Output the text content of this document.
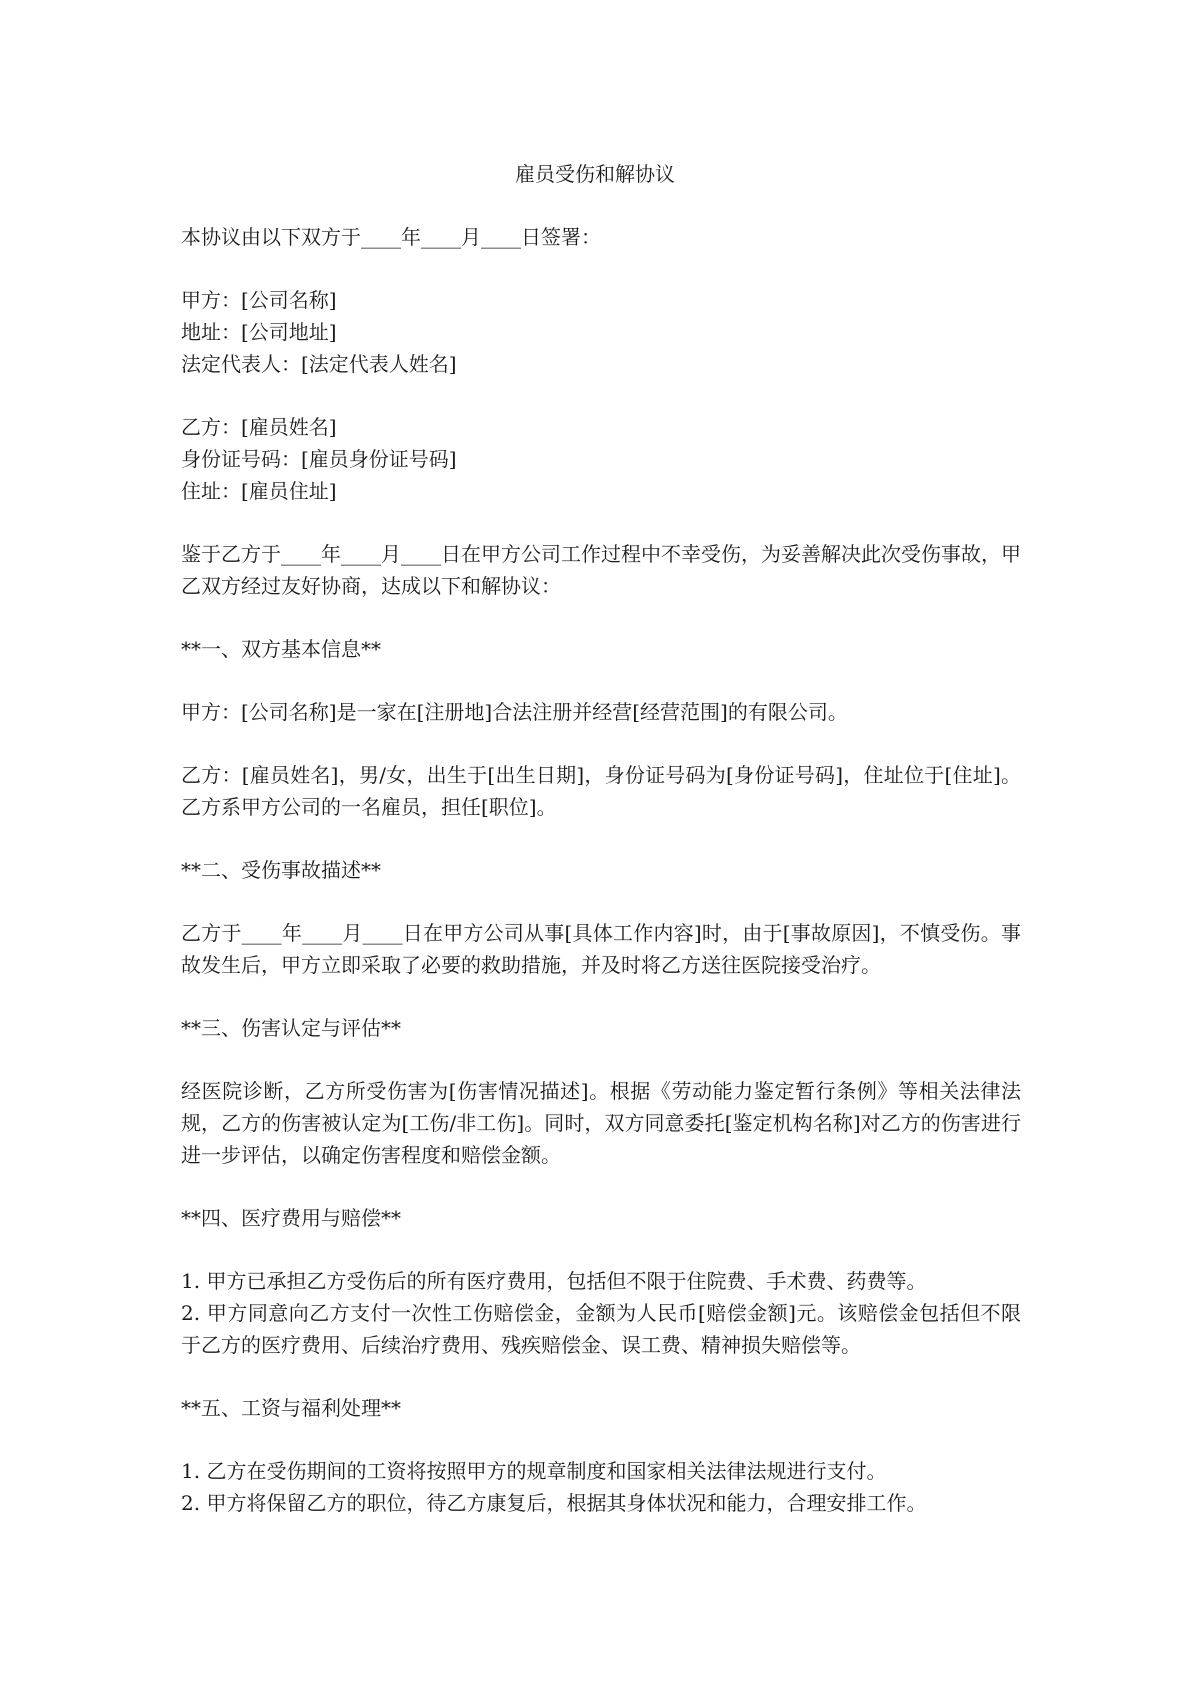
雇员受伤和解协议
本协议由以下双方于____年____月____日签署：
甲方：[公司名称]
地址：[公司地址]
法定代表人：[法定代表人姓名]
乙方：[雇员姓名]
身份证号码：[雇员身份证号码]
住址：[雇员住址]
鉴于乙方于____年____月____日在甲方公司工作过程中不幸受伤，为妥善解决此次受伤事故，甲乙双方经过友好协商，达成以下和解协议：
**一、双方基本信息**
甲方：[公司名称]是一家在[注册地]合法注册并经营[经营范围]的有限公司。
乙方：[雇员姓名]，男/女，出生于[出生日期]，身份证号码为[身份证号码]，住址位于[住址]。乙方系甲方公司的一名雇员，担任[职位]。
**二、受伤事故描述**
乙方于____年____月____日在甲方公司从事[具体工作内容]时，由于[事故原因]，不慎受伤。事故发生后，甲方立即采取了必要的救助措施，并及时将乙方送往医院接受治疗。
**三、伤害认定与评估**
经医院诊断，乙方所受伤害为[伤害情况描述]。根据《劳动能力鉴定暂行条例》等相关法律法规，乙方的伤害被认定为[工伤/非工伤]。同时，双方同意委托[鉴定机构名称]对乙方的伤害进行进一步评估，以确定伤害程度和赔偿金额。
**四、医疗费用与赔偿**
1. 甲方已承担乙方受伤后的所有医疗费用，包括但不限于住院费、手术费、药费等。
2. 甲方同意向乙方支付一次性工伤赔偿金，金额为人民币[赔偿金额]元。该赔偿金包括但不限于乙方的医疗费用、后续治疗费用、残疾赔偿金、误工费、精神损失赔偿等。
**五、工资与福利处理**
1. 乙方在受伤期间的工资将按照甲方的规章制度和国家相关法律法规进行支付。
2. 甲方将保留乙方的职位，待乙方康复后，根据其身体状况和能力，合理安排工作。
